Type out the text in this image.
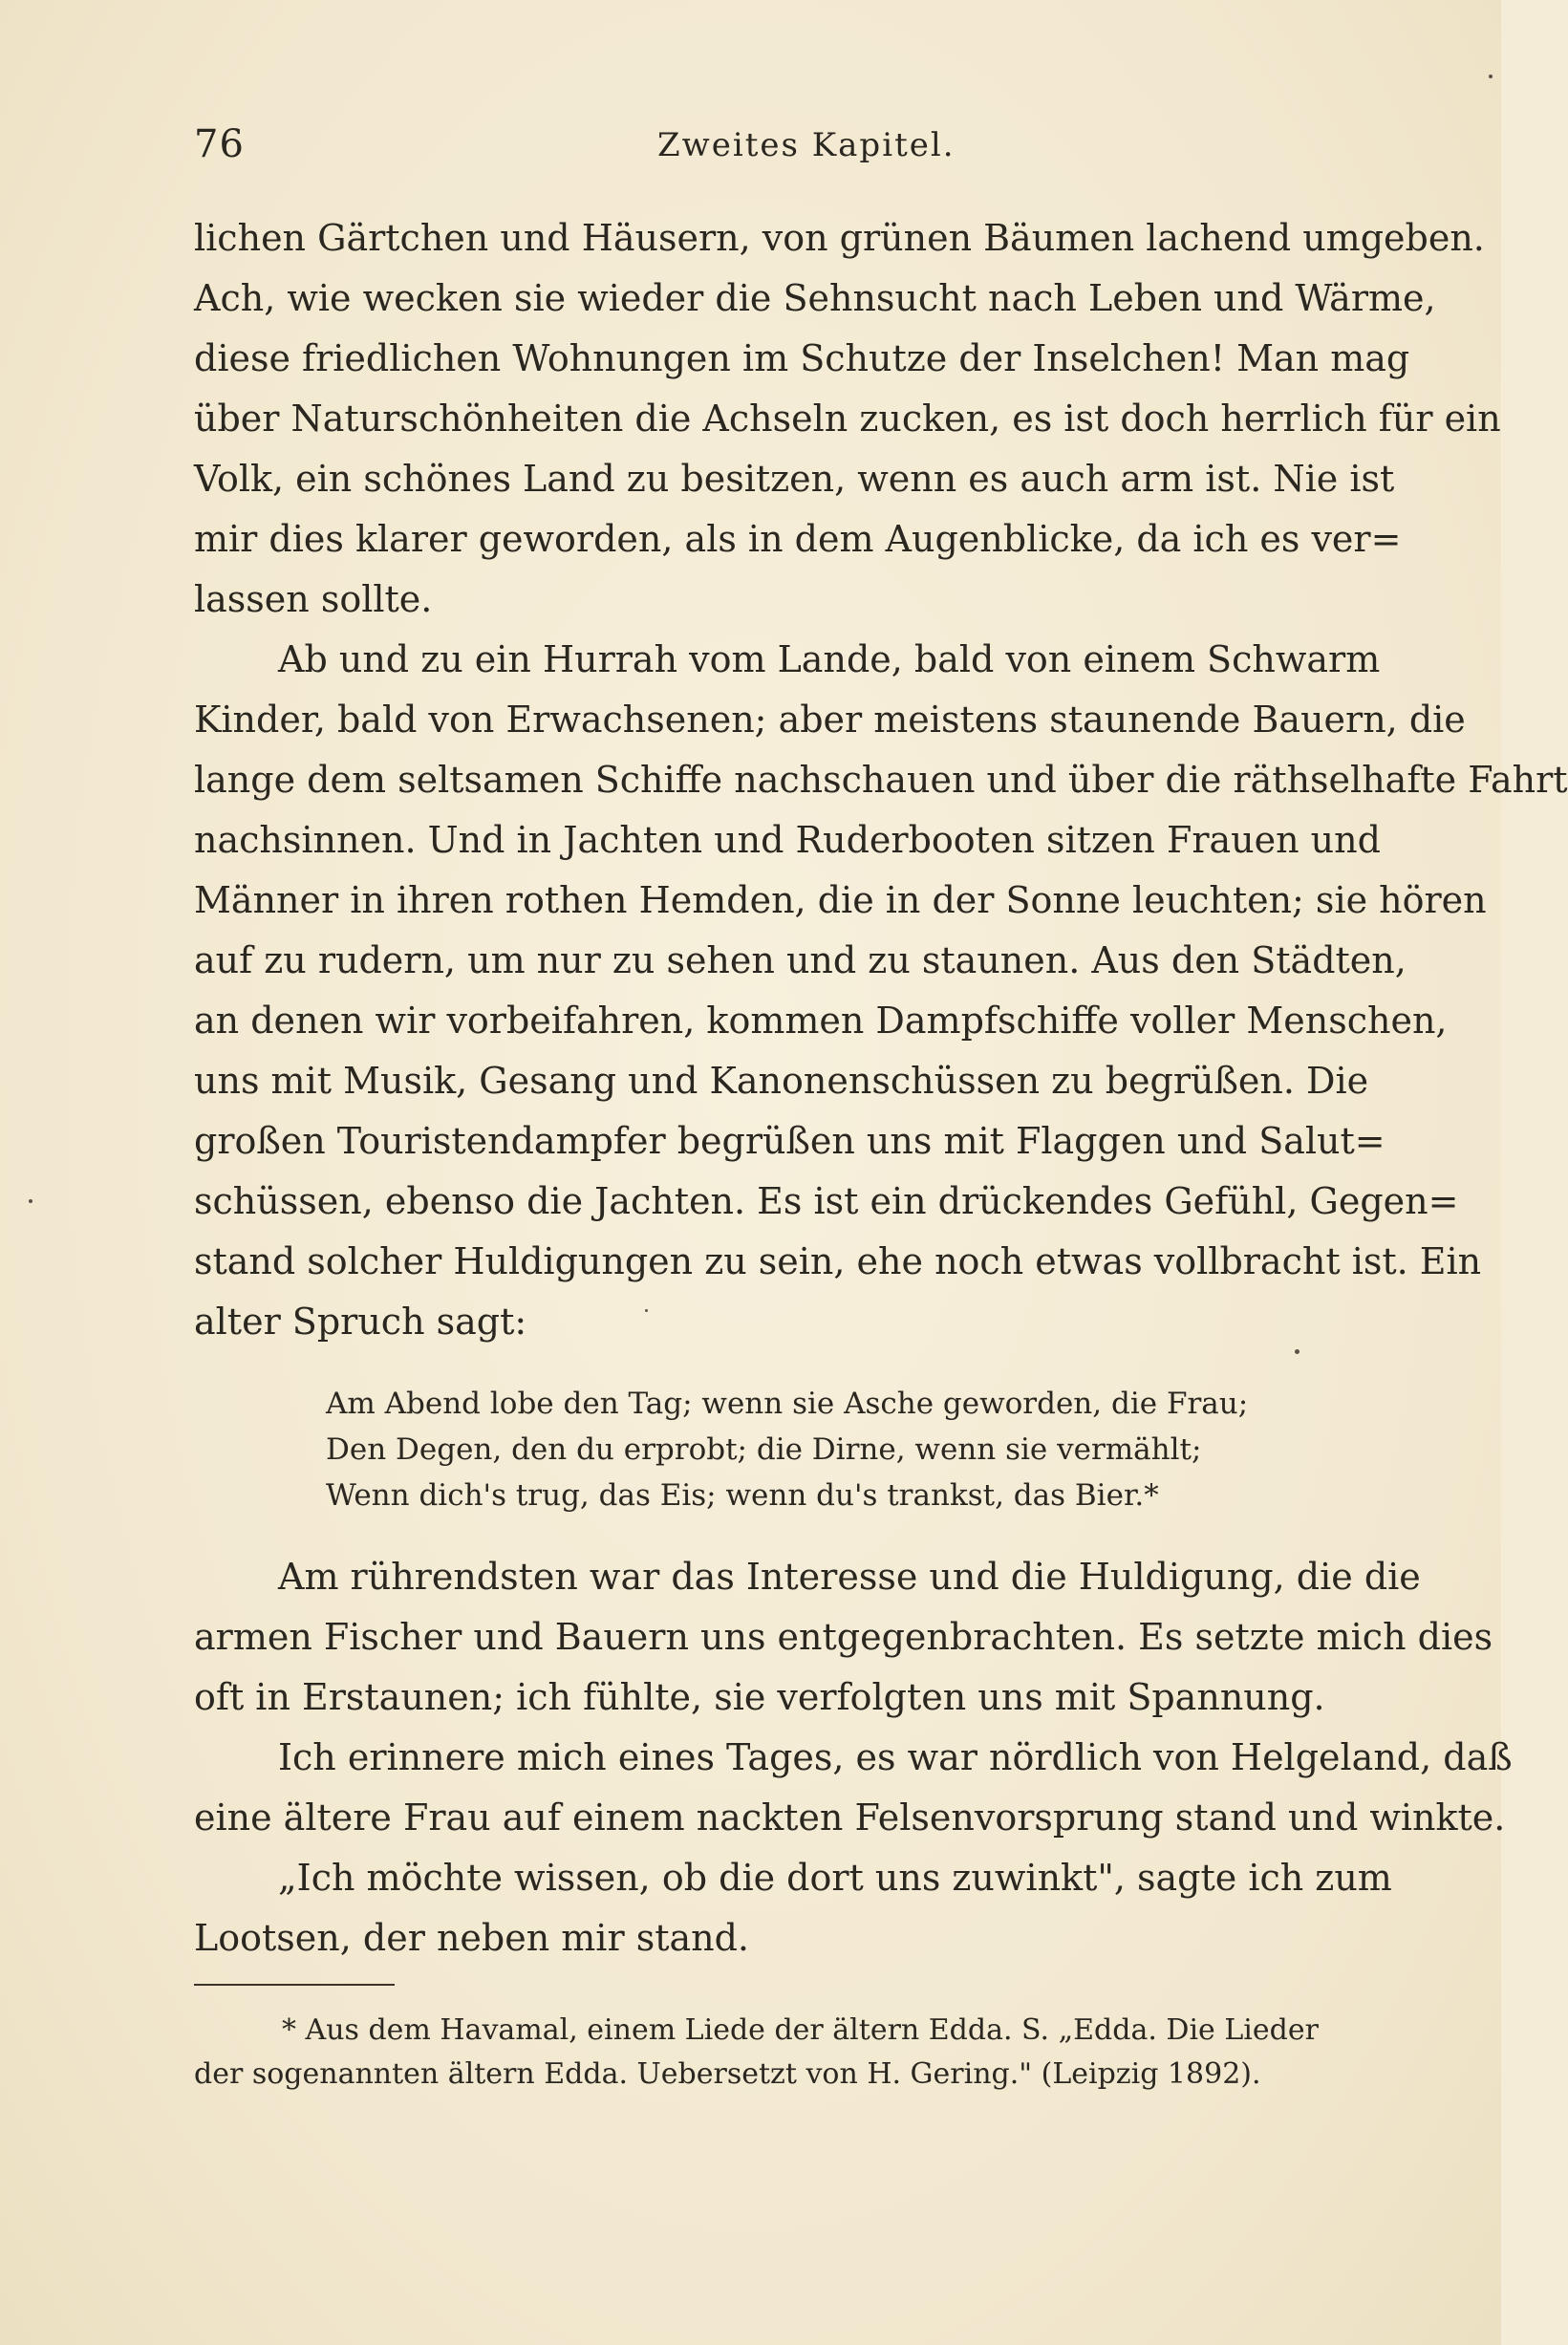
76	Zweites Kapitel.
lichen Gärtchen und Häusern, von grünen Bäumen lachend umgeben.
Ach, wie wecken sie wieder die Sehnsucht nach Leben und Wärme,
diese friedlichen Wohnungen im Schutze der Inselchen! Man mag
über Naturschönheiten die Achseln zucken, es ist doch herrlich für ein
Volk, ein schönes Land zu besitzen, wenn es auch arm ist. Nie ist
mir dies klarer geworden, als in dem Augenblicke, da ich es ver=
lassen sollte.
Ab und zu ein Hurrah vom Lande, bald von einem Schwarm
Kinder, bald von Erwachsenen; aber meistens staunende Bauern, die
lange dem seltsamen Schiffe nachschauen und über die räthselhafte Fahrt
nachsinnen. Und in Jachten und Ruderbooten sitzen Frauen und
Männer in ihren rothen Hemden, die in der Sonne leuchten; sie hören
auf zu rudern, um nur zu sehen und zu staunen. Aus den Städten,
an denen wir vorbeifahren, kommen Dampfschiffe voller Menschen,
uns mit Musik, Gesang und Kanonenschüssen zu begrüßen. Die
großen Touristendampfer begrüßen uns mit Flaggen und Salut=
schüssen, ebenso die Jachten. Es ist ein drückendes Gefühl, Gegen=
stand solcher Huldigungen zu sein, ehe noch etwas vollbracht ist. Ein
alter Spruch sagt:
Am Abend lobe den Tag; wenn sie Asche geworden, die Frau;
Den Degen, den du erprobt; die Dirne, wenn sie vermählt;
Wenn dich's trug, das Eis; wenn du's trankst, das Bier.*
Am rührendsten war das Interesse und die Huldigung, die die
armen Fischer und Bauern uns entgegenbrachten. Es setzte mich dies
oft in Erstaunen; ich fühlte, sie verfolgten uns mit Spannung.
Ich erinnere mich eines Tages, es war nördlich von Helgeland, daß
eine ältere Frau auf einem nackten Felsenvorsprung stand und winkte.
„Ich möchte wissen, ob die dort uns zuwinkt", sagte ich zum
Lootsen, der neben mir stand.
* Aus dem Havamal, einem Liede der ältern Edda. S. „Edda. Die Lieder
der sogenannten ältern Edda. Uebersetzt von H. Gering." (Leipzig 1892).
